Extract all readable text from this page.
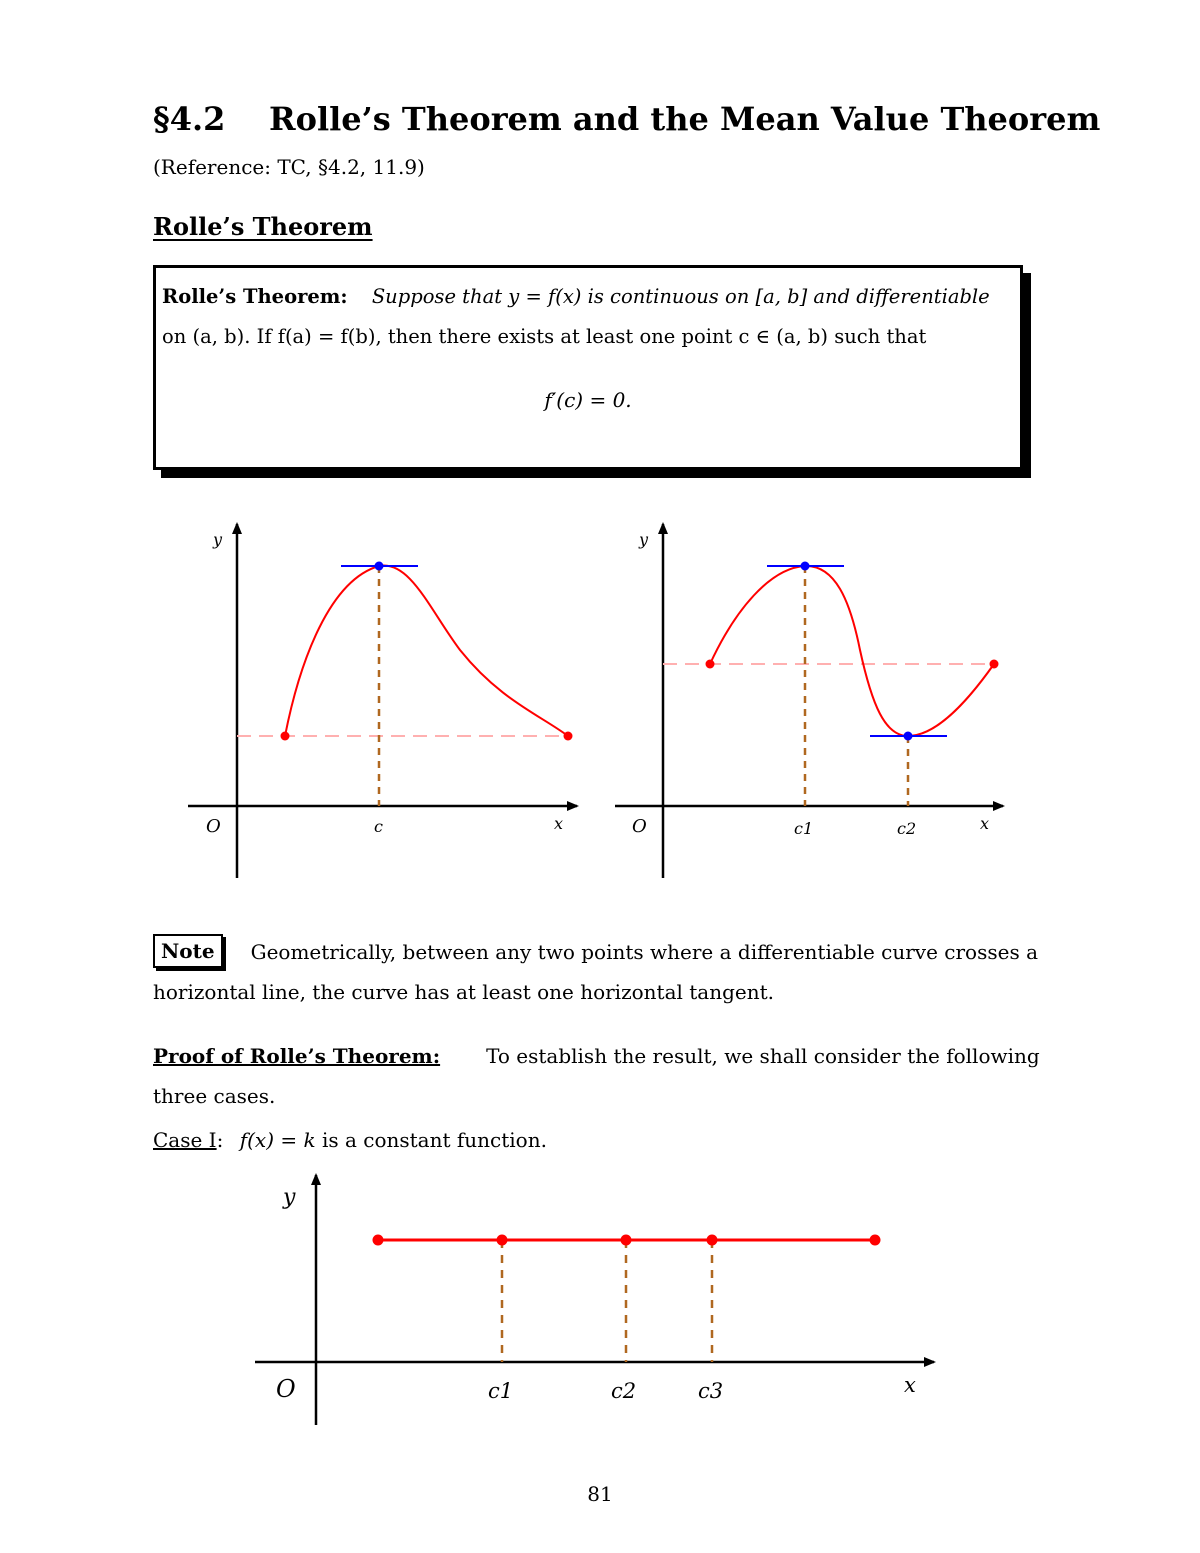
§4.2 Rolle’s Theorem and the Mean Value Theorem
(Reference: TC, §4.2, 11.9)
Rolle’s Theorem
Rolle’s Theorem: Suppose that y = f(x) is continuous on [a, b] and differentiable
on (a, b). If f(a) = f(b), then there exists at least one point c ∈ (a, b) such that
f′(c) = 0.
y
O	c	x
y
O	c1	c2	x
y
O	c1	c2	c3	x
Note Geometrically, between any two points where a differentiable curve crosses a horizontal line, the curve has at least one horizontal tangent.
Proof of Rolle’s Theorem: To establish the result, we shall consider the following three cases.
Case I: f(x) = k is a constant function.
81
